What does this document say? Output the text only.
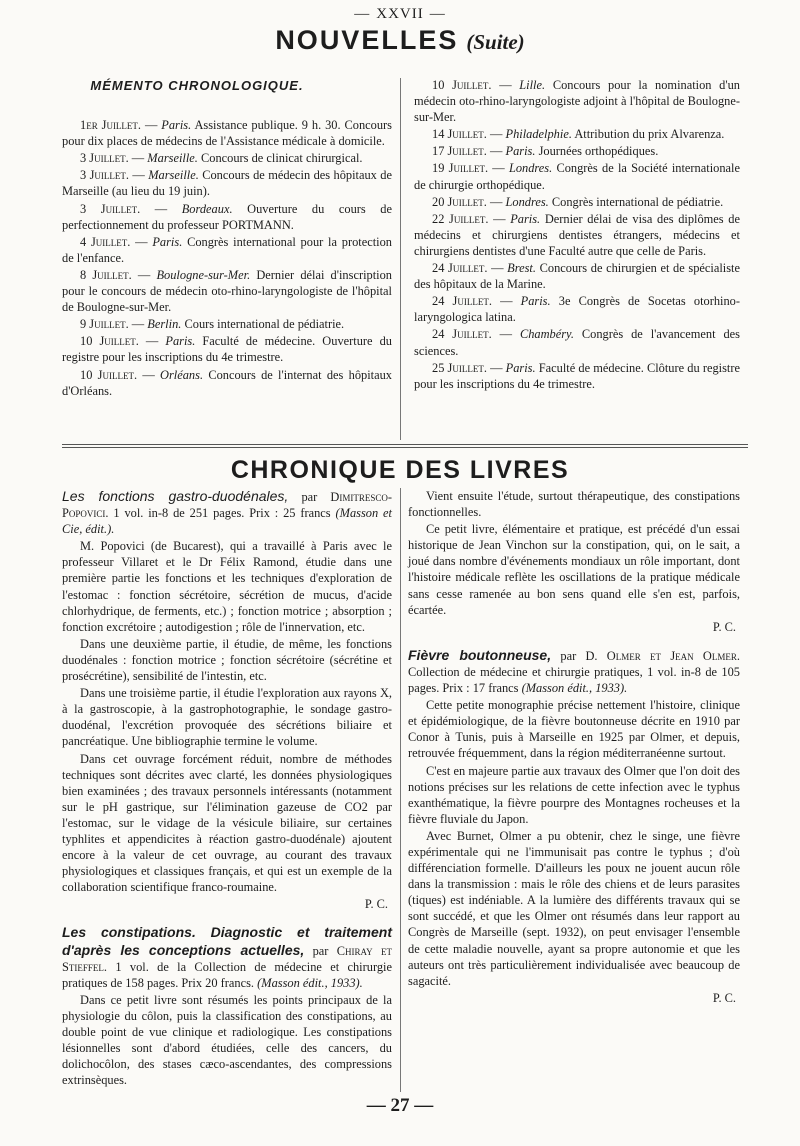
— XXVII —
NOUVELLES (Suite)
MÉMENTO CHRONOLOGIQUE.

1er Juillet. — Paris. Assistance publique. 9 h. 30. Concours pour dix places de médecins de l'Assistance médicale à domicile.

3 Juillet. — Marseille. Concours de clinicat chirurgical.

3 Juillet. — Marseille. Concours de médecin des hôpitaux de Marseille (au lieu du 19 juin).

3 Juillet. — Bordeaux. Ouverture du cours de perfectionnement du professeur PORTMANN.

4 Juillet. — Paris. Congrès international pour la protection de l'enfance.

8 Juillet. — Boulogne-sur-Mer. Dernier délai d'inscription pour le concours de médecin oto-rhino-laryngologiste de l'hôpital de Boulogne-sur-Mer.

9 Juillet. — Berlin. Cours international de pédiatrie.

10 Juillet. — Paris. Faculté de médecine. Ouverture du registre pour les inscriptions du 4e trimestre.

10 Juillet. — Orléans. Concours de l'internat des hôpitaux d'Orléans.

10 Juillet. — Lille. Concours pour la nomination d'un médecin oto-rhino-laryngologiste adjoint à l'hôpital de Boulogne-sur-Mer.

14 Juillet. — Philadelphie. Attribution du prix Alvarenza.

17 Juillet. — Paris. Journées orthopédiques.

19 Juillet. — Londres. Congrès de la Société internationale de chirurgie orthopédique.

20 Juillet. — Londres. Congrès international de pédiatrie.

22 Juillet. — Paris. Dernier délai de visa des diplômes de médecins et chirurgiens dentistes étrangers, médecins et chirurgiens dentistes d'une Faculté autre que celle de Paris.

24 Juillet. — Brest. Concours de chirurgien et de spécialiste des hôpitaux de la Marine.

24 Juillet. — Paris. 3e Congrès de Socetas otorhino-laryngologica latina.

24 Juillet. — Chambéry. Congrès de l'avancement des sciences.

25 Juillet. — Paris. Faculté de médecine. Clôture du registre pour les inscriptions du 4e trimestre.

CHRONIQUE DES LIVRES

Les fonctions gastro-duodénales, par Dimitresco-Popovici. 1 vol. in-8 de 251 pages. Prix : 25 francs (Masson et Cie, édit.).

M. Popovici (de Bucarest), qui a travaillé à Paris avec le professeur Villaret et le Dr Félix Ramond, étudie dans une première partie les fonctions et les techniques d'exploration de l'estomac : fonction sécrétoire, sécrétion de mucus, d'acide chlorhydrique, de ferments, etc.) ; fonction motrice ; absorption ; fonction excrétoire ; autodigestion ; rôle de l'innervation, etc.

Dans une deuxième partie, il étudie, de même, les fonctions duodénales : fonction motrice ; fonction sécrétoire (sécrétine et prosécrétine), sensibilité de l'intestin, etc.

Dans une troisième partie, il étudie l'exploration aux rayons X, à la gastroscopie, à la gastrophotographie, le sondage gastro-duodénal, l'excrétion provoquée des sécrétions biliaire et pancréatique. Une bibliographie termine le volume.

Dans cet ouvrage forcément réduit, nombre de méthodes techniques sont décrites avec clarté, les données physiologiques bien examinées ; des travaux personnels intéressants (notamment sur le pH gastrique, sur l'élimination gazeuse de CO2 par l'estomac, sur le vidage de la vésicule biliaire, sur certaines typhlites et appendicites à réaction gastro-duodénale) ajoutent encore à la valeur de cet ouvrage, au courant des travaux physiologiques et classiques français, et qui est un exemple de la collaboration scientifique franco-roumaine.

P. C.

Les constipations. Diagnostic et traitement d'après les conceptions actuelles, par Chiray et Stieffel. 1 vol. de la Collection de médecine et chirurgie pratiques de 158 pages. Prix 20 francs. (Masson édit., 1933).

Dans ce petit livre sont résumés les points principaux de la physiologie du côlon, puis la classification des constipations, au double point de vue clinique et radiologique. Les constipations lésionnelles sont d'abord étudiées, celle des cancers, du dolichocôlon, des stases cæco-ascendantes, des compressions extrinsèques.

Vient ensuite l'étude, surtout thérapeutique, des constipations fonctionnelles.

Ce petit livre, élémentaire et pratique, est précédé d'un essai historique de Jean Vinchon sur la constipation, qui, on le sait, a joué dans nombre d'événements mondiaux un rôle important, dont l'histoire médicale reflète les oscillations de la pratique médicale sans cesse ramenée au bon sens quand elle s'en est, parfois, écartée.

P. C.

Fièvre boutonneuse, par D. Olmer et Jean Olmer. Collection de médecine et chirurgie pratiques, 1 vol. in-8 de 105 pages. Prix : 17 francs (Masson édit., 1933).

Cette petite monographie précise nettement l'histoire, clinique et épidémiologique, de la fièvre boutonneuse décrite en 1910 par Conor à Tunis, puis à Marseille en 1925 par Olmer, et depuis, retrouvée fréquemment, dans la région méditerranéenne surtout.

C'est en majeure partie aux travaux des Olmer que l'on doit des notions précises sur les relations de cette infection avec le typhus exanthématique, la fièvre pourpre des Montagnes rocheuses et la fièvre fluviale du Japon.

Avec Burnet, Olmer a pu obtenir, chez le singe, une fièvre expérimentale qui ne l'immunisait pas contre le typhus ; d'où différenciation formelle. D'ailleurs les poux ne jouent aucun rôle dans la transmission : mais le rôle des chiens et de leurs parasites (tiques) est indéniable. A la lumière des différents travaux qui se sont succédé, et que les Olmer ont résumés dans leur rapport au Congrès de Marseille (sept. 1932), on peut envisager l'ensemble de cette maladie nouvelle, ayant sa propre autonomie et que les auteurs ont très particulièrement individualisée avec beaucoup de sagacité.

P. C.

— 27 —
